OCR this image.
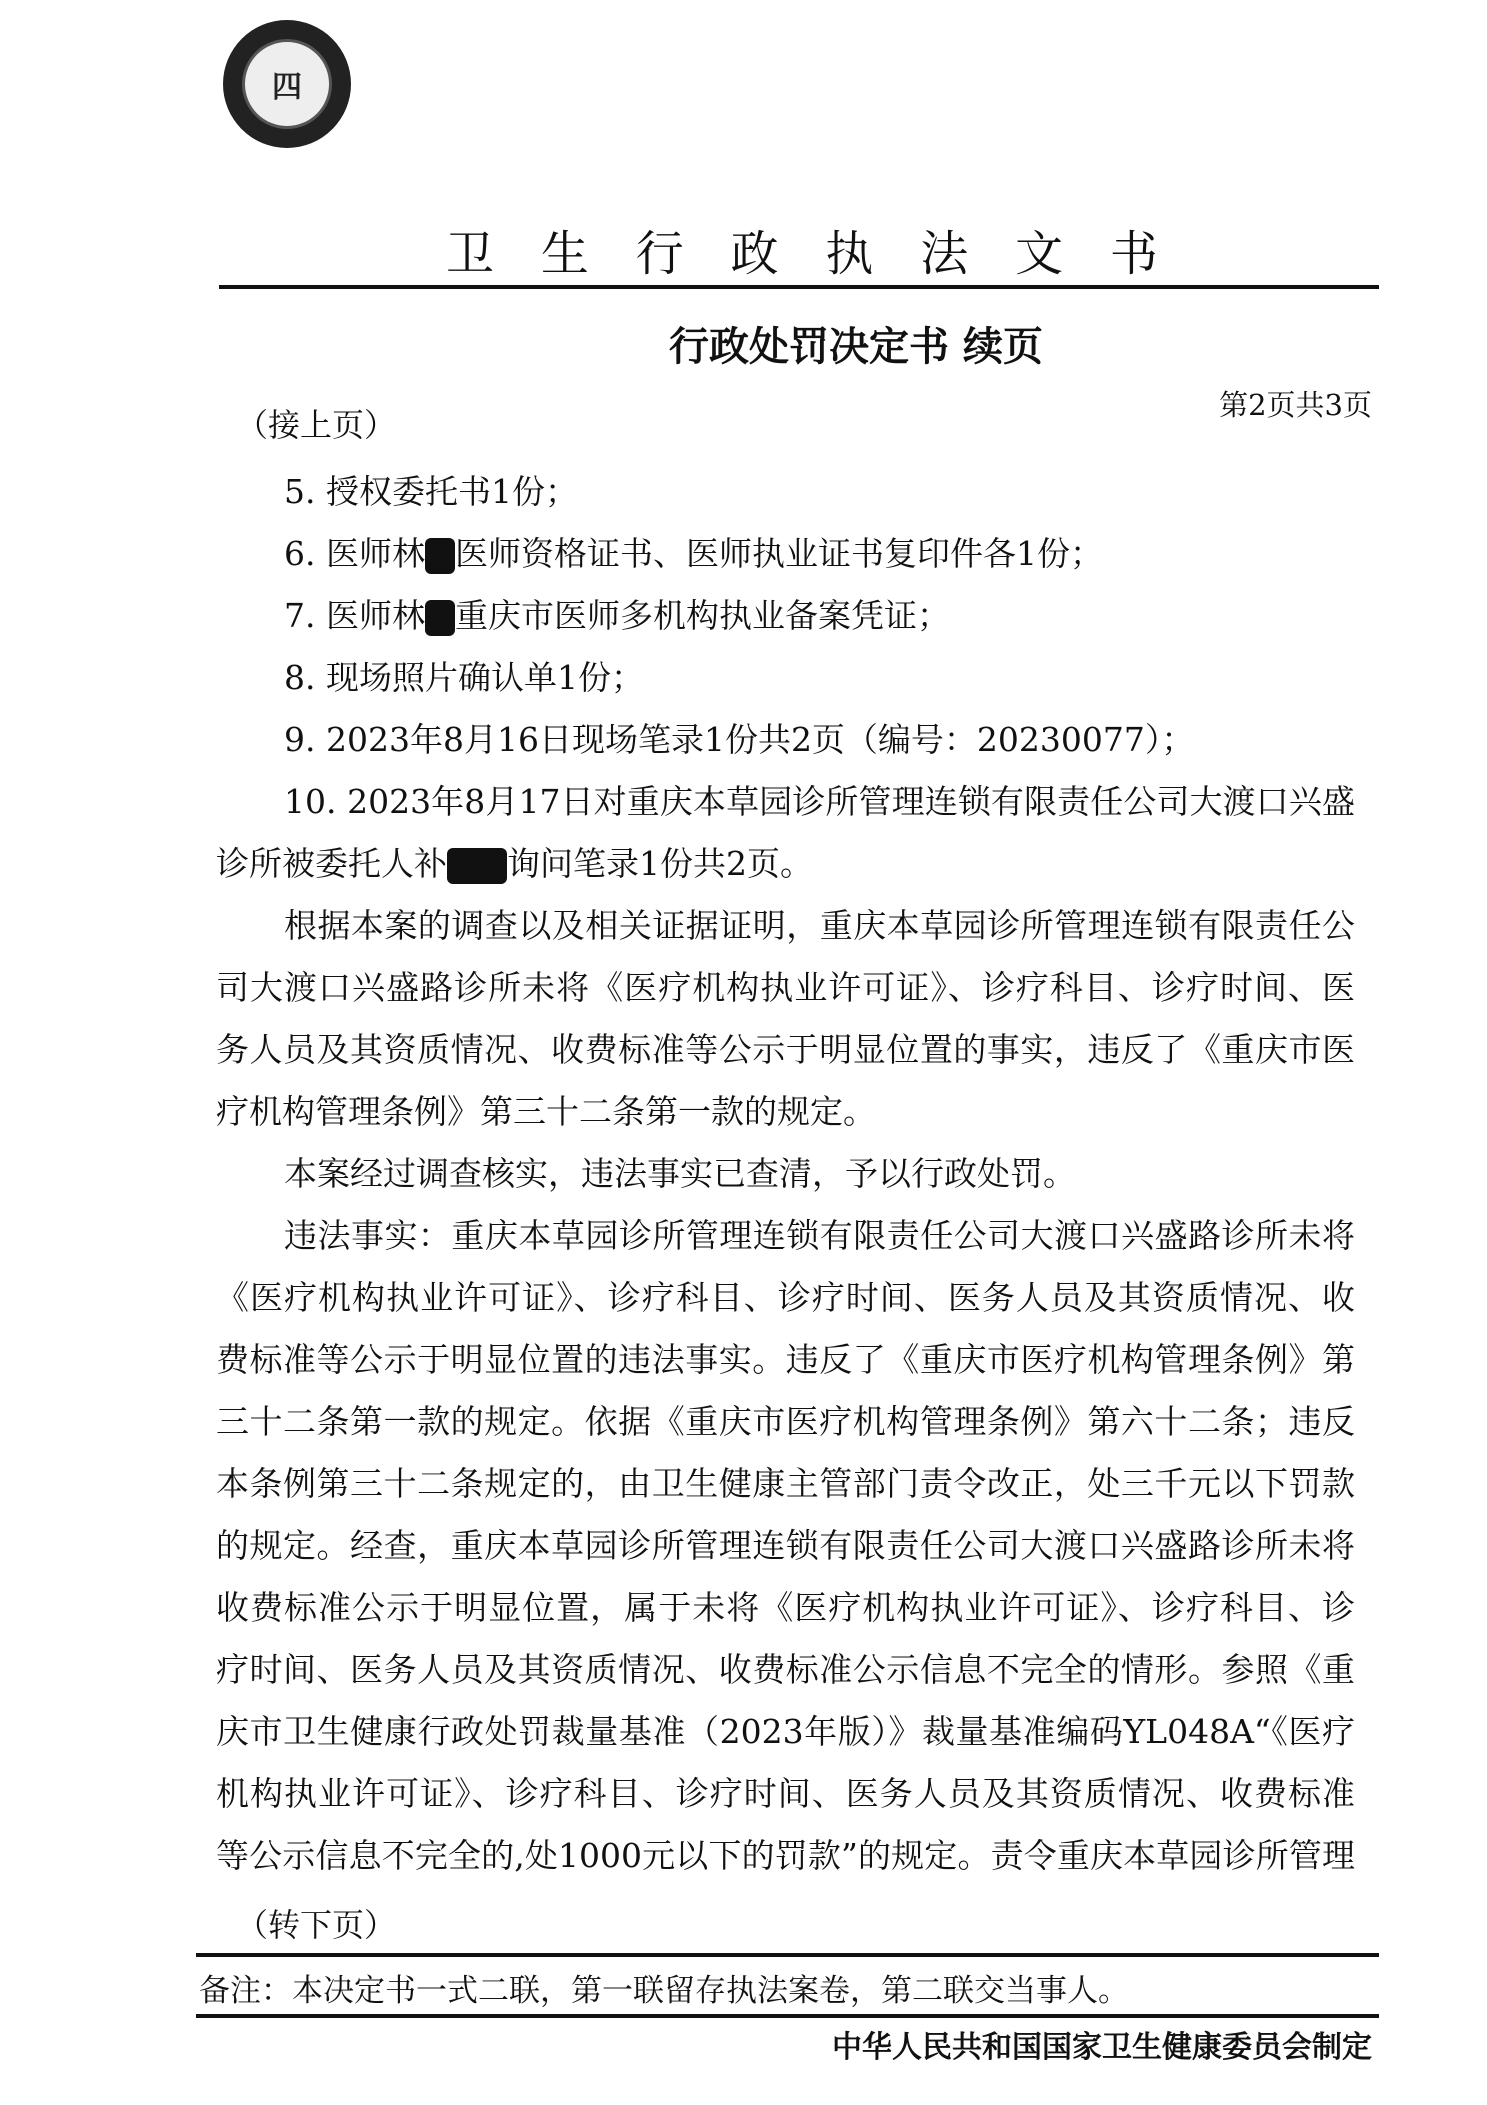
四
卫 生 行 政 执 法 文 书
行政处罚决定书 续页
第2页共3页
（接上页）
5. 授权委托书1份；
6. 医师林 医师资格证书、医师执业证书复印件各1份；
7. 医师林 重庆市医师多机构执业备案凭证；
8. 现场照片确认单1份；
9. 2023年8月16日现场笔录1份共2页（编号：20230077）；
10. 2023年8月17日对重庆本草园诊所管理连锁有限责任公司大渡口兴盛
诊所被委托人补 询问笔录1份共2页。
根据本案的调查以及相关证据证明，重庆本草园诊所管理连锁有限责任公
司大渡口兴盛路诊所未将《医疗机构执业许可证》、诊疗科目、诊疗时间、医
务人员及其资质情况、收费标准等公示于明显位置的事实，违反了《重庆市医
疗机构管理条例》第三十二条第一款的规定。
本案经过调查核实，违法事实已查清，予以行政处罚。
违法事实：重庆本草园诊所管理连锁有限责任公司大渡口兴盛路诊所未将
《医疗机构执业许可证》、诊疗科目、诊疗时间、医务人员及其资质情况、收
费标准等公示于明显位置的违法事实。违反了《重庆市医疗机构管理条例》第
三十二条第一款的规定。依据《重庆市医疗机构管理条例》第六十二条；违反
本条例第三十二条规定的，由卫生健康主管部门责令改正，处三千元以下罚款
的规定。经查，重庆本草园诊所管理连锁有限责任公司大渡口兴盛路诊所未将
收费标准公示于明显位置，属于未将《医疗机构执业许可证》、诊疗科目、诊
疗时间、医务人员及其资质情况、收费标准公示信息不完全的情形。参照《重
庆市卫生健康行政处罚裁量基准（2023年版）》裁量基准编码YL048A“《医疗
机构执业许可证》、诊疗科目、诊疗时间、医务人员及其资质情况、收费标准
等公示信息不完全的,处1000元以下的罚款”的规定。责令重庆本草园诊所管理
（转下页）
备注：本决定书一式二联，第一联留存执法案卷，第二联交当事人。
中华人民共和国国家卫生健康委员会制定
